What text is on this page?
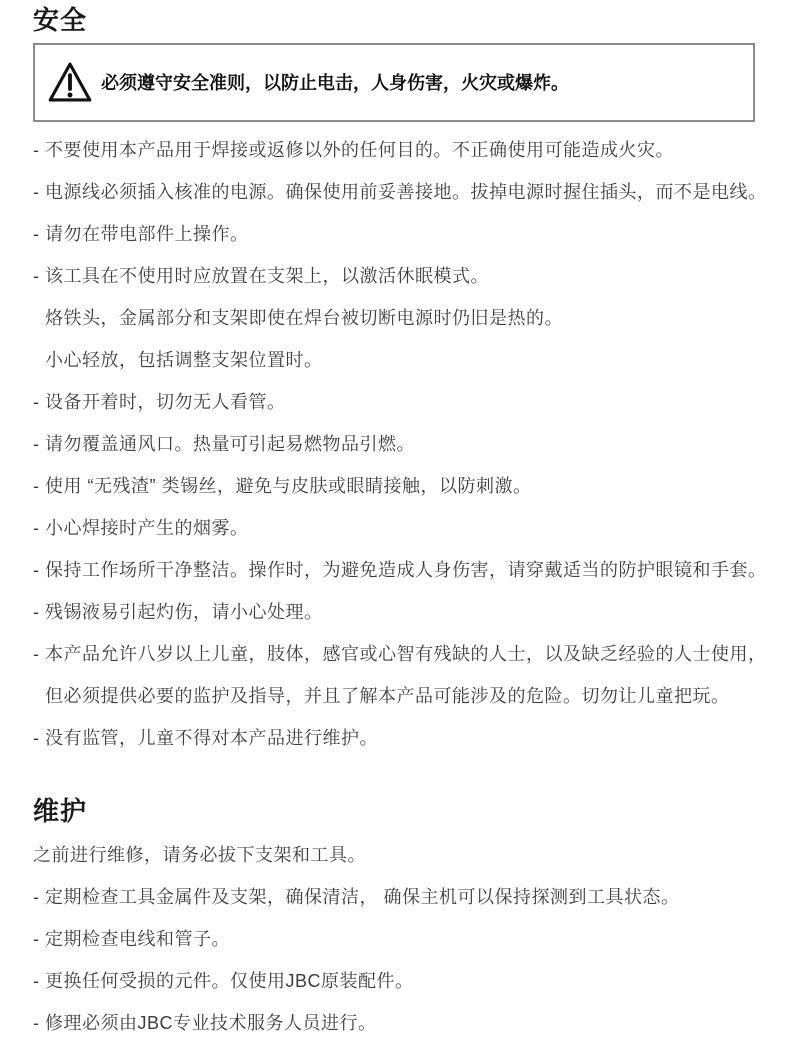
安全
必须遵守安全准则，以防止电击，人身伤害，火灾或爆炸。
- 不要使用本产品用于焊接或返修以外的任何目的。不正确使用可能造成火灾。
- 电源线必须插入核准的电源。确保使用前妥善接地。拔掉电源时握住插头，而不是电线。
- 请勿在带电部件上操作。
- 该工具在不使用时应放置在支架上，以激活休眠模式。
烙铁头，金属部分和支架即使在焊台被切断电源时仍旧是热的。
小心轻放，包括调整支架位置时。
- 设备开着时，切勿无人看管。
- 请勿覆盖通风口。热量可引起易燃物品引燃。
- 使用 “无残渣” 类锡丝，避免与皮肤或眼睛接触，以防刺激。
- 小心焊接时产生的烟雾。
- 保持工作场所干净整洁。操作时，为避免造成人身伤害，请穿戴适当的防护眼镜和手套。
- 残锡液易引起灼伤，请小心处理。
- 本产品允许八岁以上儿童，肢体，感官或心智有残缺的人士，以及缺乏经验的人士使用，
但必须提供必要的监护及指导，并且了解本产品可能涉及的危险。切勿让儿童把玩。
- 没有监管，儿童不得对本产品进行维护。
维护
之前进行维修，请务必拔下支架和工具。
- 定期检查工具金属件及支架，确保清洁， 确保主机可以保持探测到工具状态。
- 定期检查电线和管子。
- 更换任何受损的元件。仅使用JBC原装配件。
- 修理必须由JBC专业技术服务人员进行。
